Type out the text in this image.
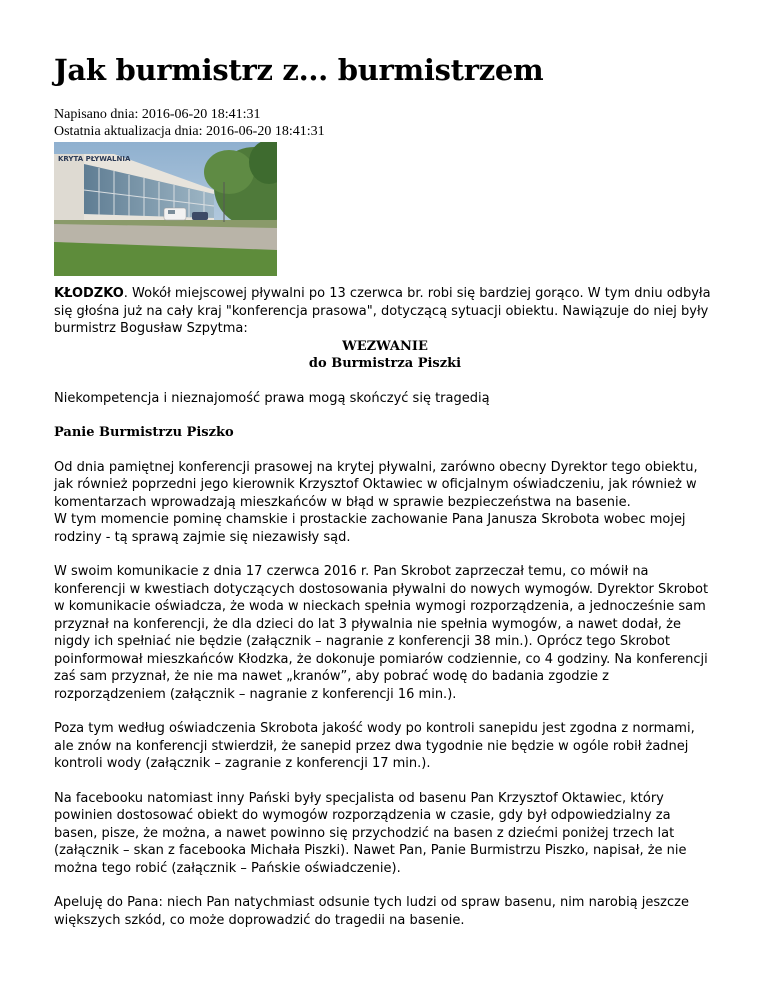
Jak burmistrz z... burmistrzem
Napisano dnia: 2016-06-20 18:41:31
Ostatnia aktualizacja dnia: 2016-06-20 18:41:31
KRYTA PŁYWALNIA

KŁODZKO. Wokół miejscowej pływalni po 13 czerwca br. robi się bardziej gorąco. W tym dniu odbyła się głośna już na cały kraj "konferencja prasowa", dotyczącą sytuacji obiektu. Nawiązuje do niej były burmistrz Bogusław Szpytma:

WEZWANIE
do Burmistrza Piszki

Niekompetencja i nieznajomość prawa mogą skończyć się tragedią

Panie Burmistrzu Piszko

Od dnia pamiętnej konferencji prasowej na krytej pływalni, zarówno obecny Dyrektor tego obiektu, jak również poprzedni jego kierownik Krzysztof Oktawiec w oficjalnym oświadczeniu, jak również w komentarzach wprowadzają mieszkańców w błąd w sprawie bezpieczeństwa na basenie.

W tym momencie pominę chamskie i prostackie zachowanie Pana Janusza Skrobota wobec mojej rodziny - tą sprawą zajmie się niezawisły sąd.

W swoim komunikacie z dnia 17 czerwca 2016 r. Pan Skrobot zaprzeczał temu, co mówił na konferencji w kwestiach dotyczących dostosowania pływalni do nowych wymogów. Dyrektor Skrobot w komunikacie oświadcza, że woda w nieckach spełnia wymogi rozporządzenia, a jednocześnie sam przyznał na konferencji, że dla dzieci do lat 3 pływalnia nie spełnia wymogów, a nawet dodał, że nigdy ich spełniać nie będzie (załącznik – nagranie z konferencji 38 min.). Oprócz tego Skrobot poinformował mieszkańców Kłodzka, że dokonuje pomiarów codziennie, co 4 godziny. Na konferencji zaś sam przyznał, że nie ma nawet „kranów”, aby pobrać wodę do badania zgodzie z rozporządzeniem (załącznik – nagranie z konferencji 16 min.).

Poza tym według oświadczenia Skrobota jakość wody po kontroli sanepidu jest zgodna z normami, ale znów na konferencji stwierdził, że sanepid przez dwa tygodnie nie będzie w ogóle robił żadnej kontroli wody (załącznik – zagranie z konferencji 17 min.).

Na facebooku natomiast inny Pański były specjalista od basenu Pan Krzysztof Oktawiec, który powinien dostosować obiekt do wymogów rozporządzenia w czasie, gdy był odpowiedzialny za basen, pisze, że można, a nawet powinno się przychodzić na basen z dziećmi poniżej trzech lat (załącznik – skan z facebooka Michała Piszki). Nawet Pan, Panie Burmistrzu Piszko, napisał, że nie można tego robić (załącznik – Pańskie oświadczenie).

Apeluję do Pana: niech Pan natychmiast odsunie tych ludzi od spraw basenu, nim narobią jeszcze większych szkód, co może doprowadzić do tragedii na basenie.
